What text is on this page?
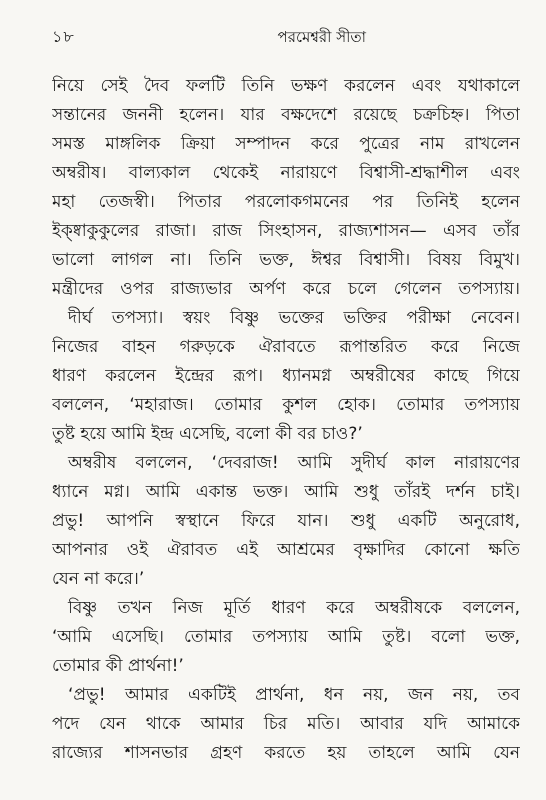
১৮	পরমেশ্বরী সীতা
নিয়ে সেই দৈব ফলটি তিনি ভক্ষণ করলেন এবং যথাকালে
সন্তানের জননী হলেন। যার বক্ষদেশে রয়েছে চক্রচিহ্ন। পিতা
সমস্ত মাঙ্গলিক ক্রিয়া সম্পাদন করে পুত্রের নাম রাখলেন
অম্বরীষ। বাল্যকাল থেকেই নারায়ণে বিশ্বাসী-শ্রদ্ধাশীল এবং
মহা তেজস্বী। পিতার পরলোকগমনের পর তিনিই হলেন
ইক্ষ্বাকুকুলের রাজা। রাজ সিংহাসন, রাজ্যশাসন— এসব তাঁর
ভালো লাগল না। তিনি ভক্ত, ঈশ্বর বিশ্বাসী। বিষয় বিমুখ।
মন্ত্রীদের ওপর রাজ্যভার অর্পণ করে চলে গেলেন তপস্যায়।
দীর্ঘ তপস্যা। স্বয়ং বিষ্ণু ভক্তের ভক্তির পরীক্ষা নেবেন।
নিজের বাহন গরুড়কে ঐরাবতে রূপান্তরিত করে নিজে
ধারণ করলেন ইন্দ্রের রূপ। ধ্যানমগ্ন অম্বরীষের কাছে গিয়ে
বললেন, ‘মহারাজ। তোমার কুশল হোক। তোমার তপস্যায়
তুষ্ট হয়ে আমি ইন্দ্র এসেছি, বলো কী বর চাও?’
অম্বরীষ বললেন, ‘দেবরাজ! আমি সুদীর্ঘ কাল নারায়ণের
ধ্যানে মগ্ন। আমি একান্ত ভক্ত। আমি শুধু তাঁরই দর্শন চাই।
প্রভু! আপনি স্বস্থানে ফিরে যান। শুধু একটি অনুরোধ,
আপনার ওই ঐরাবত এই আশ্রমের বৃক্ষাদির কোনো ক্ষতি
যেন না করে।’
বিষ্ণু তখন নিজ মূর্তি ধারণ করে অম্বরীষকে বললেন,
‘আমি এসেছি। তোমার তপস্যায় আমি তুষ্ট। বলো ভক্ত,
তোমার কী প্রার্থনা!’
‘প্রভু! আমার একটিই প্রার্থনা, ধন নয়, জন নয়, তব
পদে যেন থাকে আমার চির মতি। আবার যদি আমাকে
রাজ্যের শাসনভার গ্রহণ করতে হয় তাহলে আমি যেন
